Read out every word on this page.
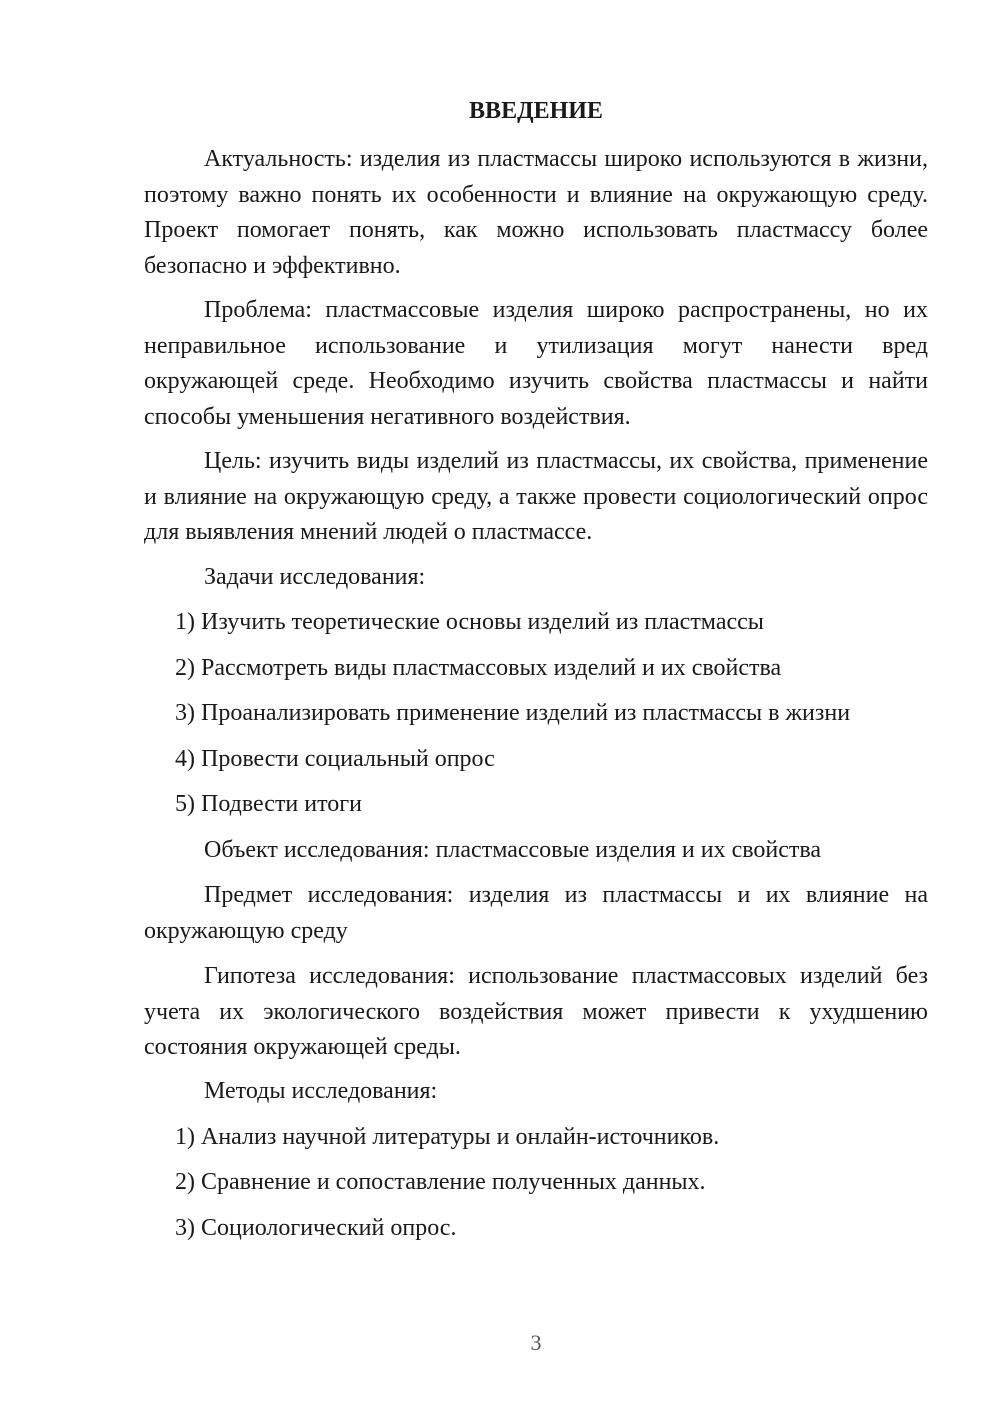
ВВЕДЕНИЕ

Актуальность: изделия из пластмассы широко используются в жизни, поэтому важно понять их особенности и влияние на окружающую среду. Проект помогает понять, как можно использовать пластмассу более безопасно и эффективно.

Проблема: пластмассовые изделия широко распространены, но их неправильное использование и утилизация могут нанести вред окружающей среде. Необходимо изучить свойства пластмассы и найти способы уменьшения негативного воздействия.

Цель: изучить виды изделий из пластмассы, их свойства, применение и влияние на окружающую среду, а также провести социологический опрос для выявления мнений людей о пластмассе.

Задачи исследования:

1) Изучить теоретические основы изделий из пластмассы

2) Рассмотреть виды пластмассовых изделий и их свойства

3) Проанализировать применение изделий из пластмассы в жизни

4) Провести социальный опрос

5) Подвести итоги

Объект исследования: пластмассовые изделия и их свойства

Предмет исследования: изделия из пластмассы и их влияние на окружающую среду

Гипотеза исследования: использование пластмассовых изделий без учета их экологического воздействия может привести к ухудшению состояния окружающей среды.

Методы исследования:

1) Анализ научной литературы и онлайн-источников.

2) Сравнение и сопоставление полученных данных.

3) Социологический опрос.

3
